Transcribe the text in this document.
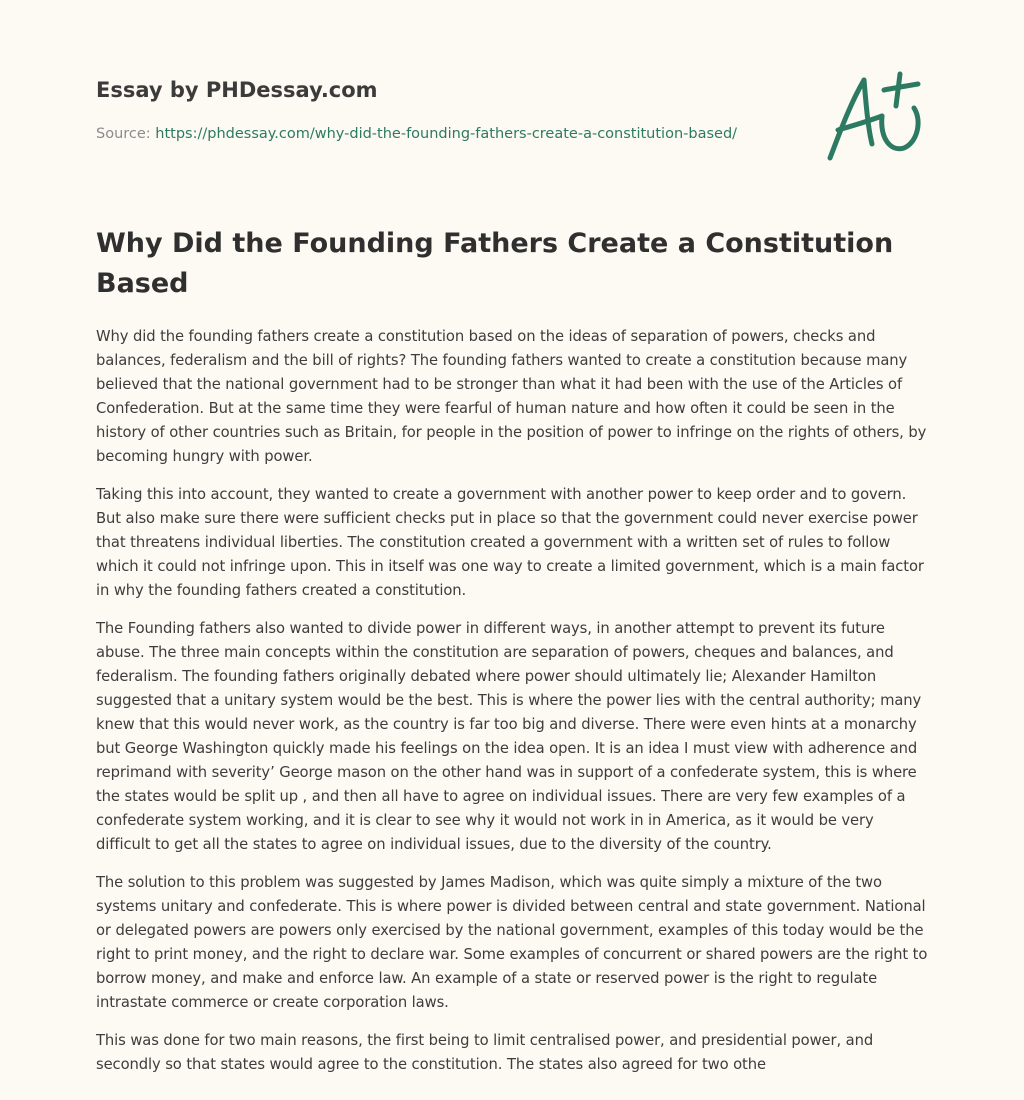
Essay by PHDessay.com
Source: https://phdessay.com/why-did-the-founding-fathers-create-a-constitution-based/
Why Did the Founding Fathers Create a Constitution Based

Why did the founding fathers create a constitution based on the ideas of separation of powers, checks and balances, federalism and the bill of rights? The founding fathers wanted to create a constitution because many believed that the national government had to be stronger than what it had been with the use of the Articles of Confederation. But at the same time they were fearful of human nature and how often it could be seen in the history of other countries such as Britain, for people in the position of power to infringe on the rights of others, by becoming hungry with power.

Taking this into account, they wanted to create a government with another power to keep order and to govern. But also make sure there were sufficient checks put in place so that the government could never exercise power that threatens individual liberties. The constitution created a government with a written set of rules to follow which it could not infringe upon. This in itself was one way to create a limited government, which is a main factor in why the founding fathers created a constitution.

The Founding fathers also wanted to divide power in different ways, in another attempt to prevent its future abuse. The three main concepts within the constitution are separation of powers, cheques and balances, and federalism. The founding fathers originally debated where power should ultimately lie; Alexander Hamilton suggested that a unitary system would be the best. This is where the power lies with the central authority; many knew that this would never work, as the country is far too big and diverse. There were even hints at a monarchy but George Washington quickly made his feelings on the idea open. It is an idea I must view with adherence and reprimand with severity’ George mason on the other hand was in support of a confederate system, this is where the states would be split up , and then all have to agree on individual issues. There are very few examples of a confederate system working, and it is clear to see why it would not work in in America, as it would be very difficult to get all the states to agree on individual issues, due to the diversity of the country.

The solution to this problem was suggested by James Madison, which was quite simply a mixture of the two systems unitary and confederate. This is where power is divided between central and state government. National or delegated powers are powers only exercised by the national government, examples of this today would be the right to print money, and the right to declare war. Some examples of concurrent or shared powers are the right to borrow money, and make and enforce law. An example of a state or reserved power is the right to regulate intrastate commerce or create corporation laws.

This was done for two main reasons, the first being to limit centralised power, and presidential power, and secondly so that states would agree to the constitution. The states also agreed for two othe
